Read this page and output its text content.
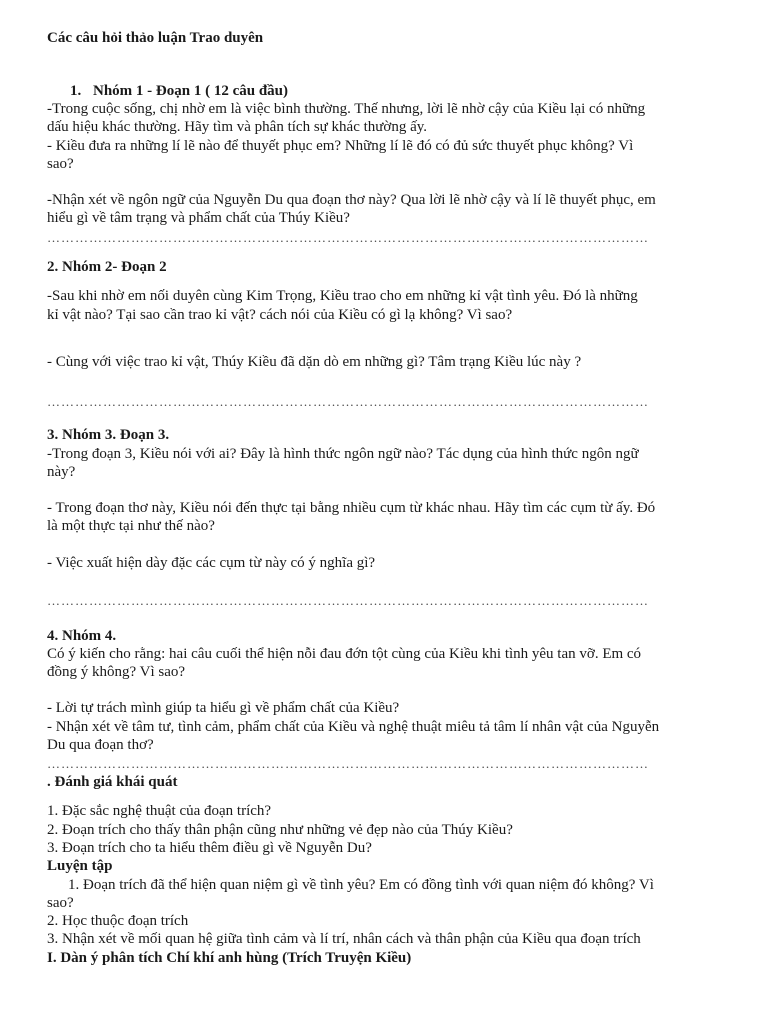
Các câu hỏi thảo luận Trao duyên
1. Nhóm 1 - Đoạn 1 ( 12 câu đầu)
-Trong cuộc sống, chị nhờ em là việc bình thường. Thế nhưng, lời lẽ nhờ cậy của Kiều lại có những
dấu hiệu khác thường. Hãy tìm và phân tích sự khác thường ấy.
- Kiều đưa ra những lí lẽ nào để thuyết phục em? Những lí lẽ đó có đủ sức thuyết phục không? Vì
sao?
-Nhận xét về ngôn ngữ của Nguyễn Du qua đoạn thơ này? Qua lời lẽ nhờ cậy và lí lẽ thuyết phục, em
hiểu gì về tâm trạng và phẩm chất của Thúy Kiều?
…………………………………………………………………………………………………………………
2. Nhóm 2- Đoạn 2
-Sau khi nhờ em nối duyên cùng Kim Trọng, Kiều trao cho em những kỉ vật tình yêu. Đó là những
kỉ vật nào? Tại sao cần trao kỉ vật? cách nói của Kiều có gì lạ không? Vì sao?
- Cùng với việc trao kỉ vật, Thúy Kiều đã dặn dò em những gì? Tâm trạng Kiều lúc này ?
…………………………………………………………………………………………………………………
3. Nhóm 3. Đoạn 3.
-Trong đoạn 3, Kiều nói với ai? Đây là hình thức ngôn ngữ nào? Tác dụng của hình thức ngôn ngữ
này?
- Trong đoạn thơ này, Kiều nói đến thực tại bằng nhiều cụm từ khác nhau. Hãy tìm các cụm từ ấy. Đó
là một thực tại như thế nào?
- Việc xuất hiện dày đặc các cụm từ này có ý nghĩa gì?
…………………………………………………………………………………………………………………
4. Nhóm 4.
Có ý kiến cho rằng: hai câu cuối thể hiện nỗi đau đớn tột cùng của Kiều khi tình yêu tan vỡ. Em có
đồng ý không? Vì sao?
- Lời tự trách mình giúp ta hiểu gì về phẩm chất của Kiều?
- Nhận xét về tâm tư, tình cảm, phẩm chất của Kiều và nghệ thuật miêu tả tâm lí nhân vật của Nguyễn
Du qua đoạn thơ?
…………………………………………………………………………………………………………………
. Đánh giá khái quát
1. Đặc sắc nghệ thuật của đoạn trích?
2. Đoạn trích cho thấy thân phận cũng như những vẻ đẹp nào của Thúy Kiều?
3. Đoạn trích cho ta hiểu thêm điều gì về Nguyễn Du?
Luyện tập
1. Đoạn trích đã thể hiện quan niệm gì về tình yêu? Em có đồng tình với quan niệm đó không? Vì
sao?
2. Học thuộc đoạn trích
3. Nhận xét về mối quan hệ giữa tình cảm và lí trí, nhân cách và thân phận của Kiều qua đoạn trích
I. Dàn ý phân tích Chí khí anh hùng (Trích Truyện Kiều)
